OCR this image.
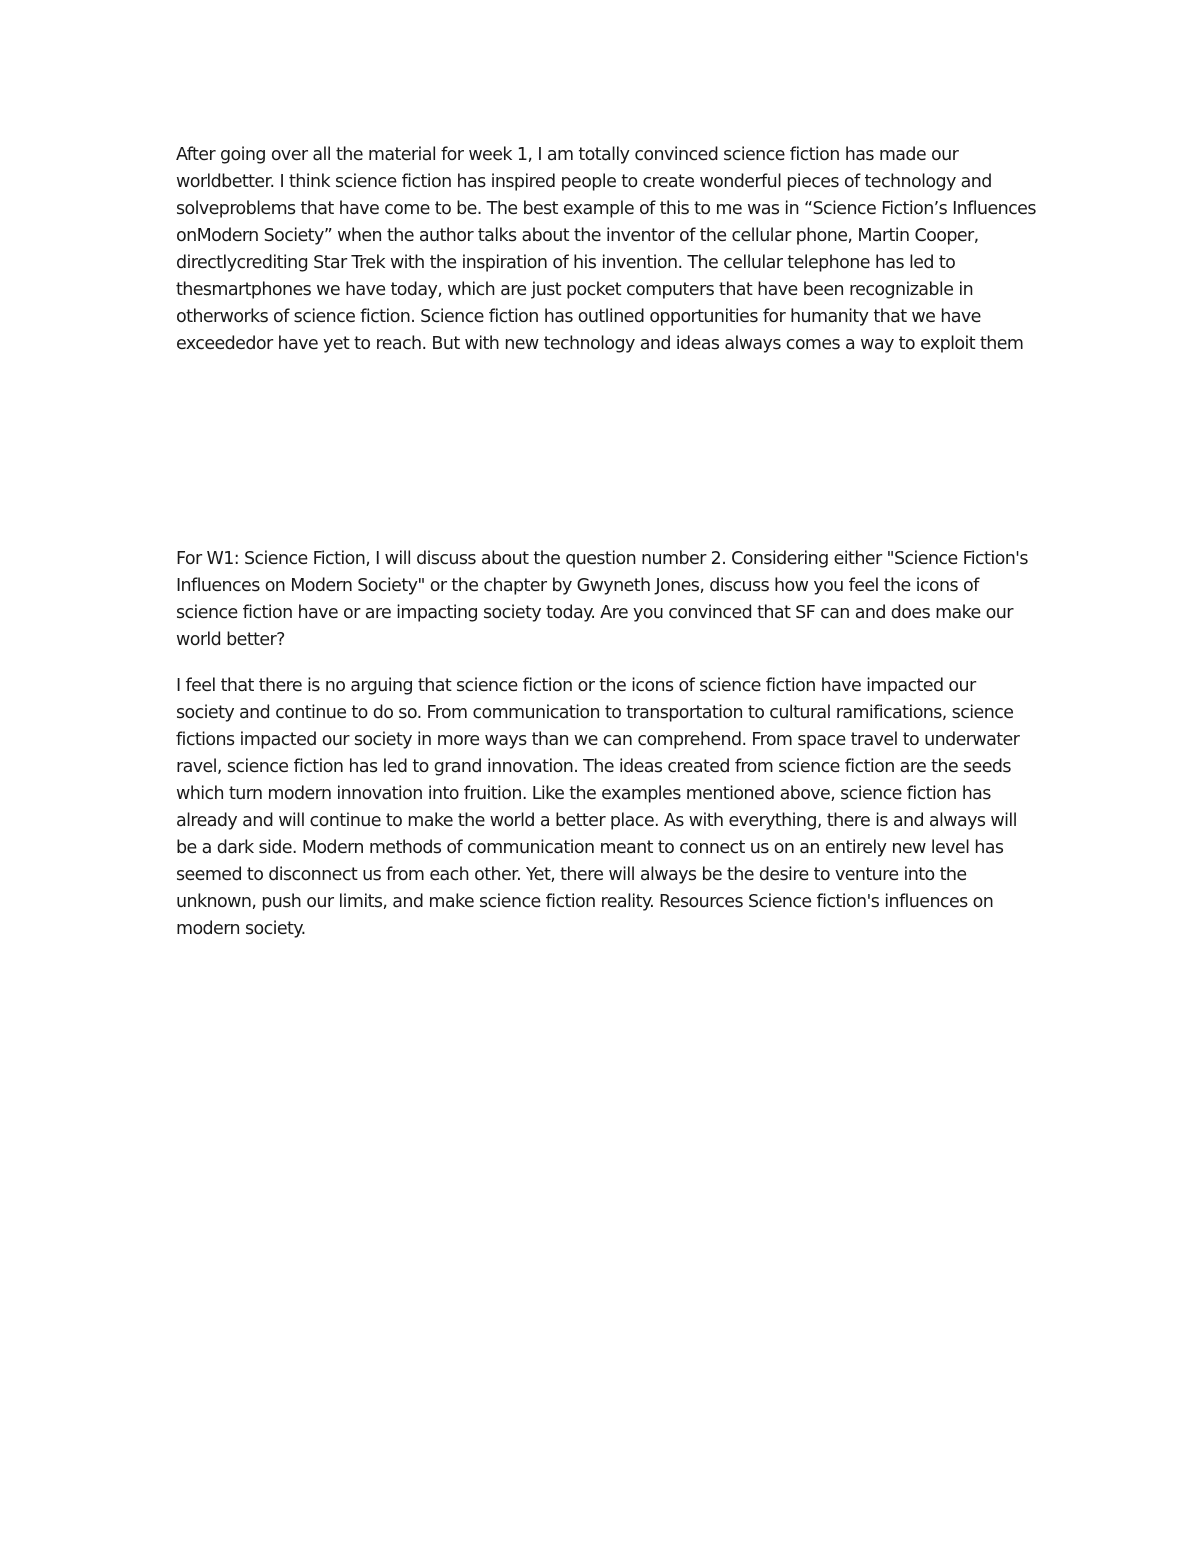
After going over all the material for week 1, I am totally convinced science fiction has made our worldbetter. I think science fiction has inspired people to create wonderful pieces of technology and solveproblems that have come to be. The best example of this to me was in “Science Fiction’s Influences onModern Society” when the author talks about the inventor of the cellular phone, Martin Cooper, directlycrediting Star Trek with the inspiration of his invention. The cellular telephone has led to thesmartphones we have today, which are just pocket computers that have been recognizable in otherworks of science fiction. Science fiction has outlined opportunities for humanity that we have exceededor have yet to reach. But with new technology and ideas always comes a way to exploit them

For W1: Science Fiction, I will discuss about the question number 2. Considering either "Science Fiction's Influences on Modern Society" or the chapter by Gwyneth Jones, discuss how you feel the icons of science fiction have or are impacting society today. Are you convinced that SF can and does make our world better?

I feel that there is no arguing that science fiction or the icons of science fiction have impacted our society and continue to do so. From communication to transportation to cultural ramifications, science fictions impacted our society in more ways than we can comprehend. From space travel to underwater ravel, science fiction has led to grand innovation. The ideas created from science fiction are the seeds which turn modern innovation into fruition. Like the examples mentioned above, science fiction has already and will continue to make the world a better place. As with everything, there is and always will be a dark side. Modern methods of communication meant to connect us on an entirely new level has seemed to disconnect us from each other. Yet, there will always be the desire to venture into the unknown, push our limits, and make science fiction reality. Resources Science fiction's influences on modern society.
